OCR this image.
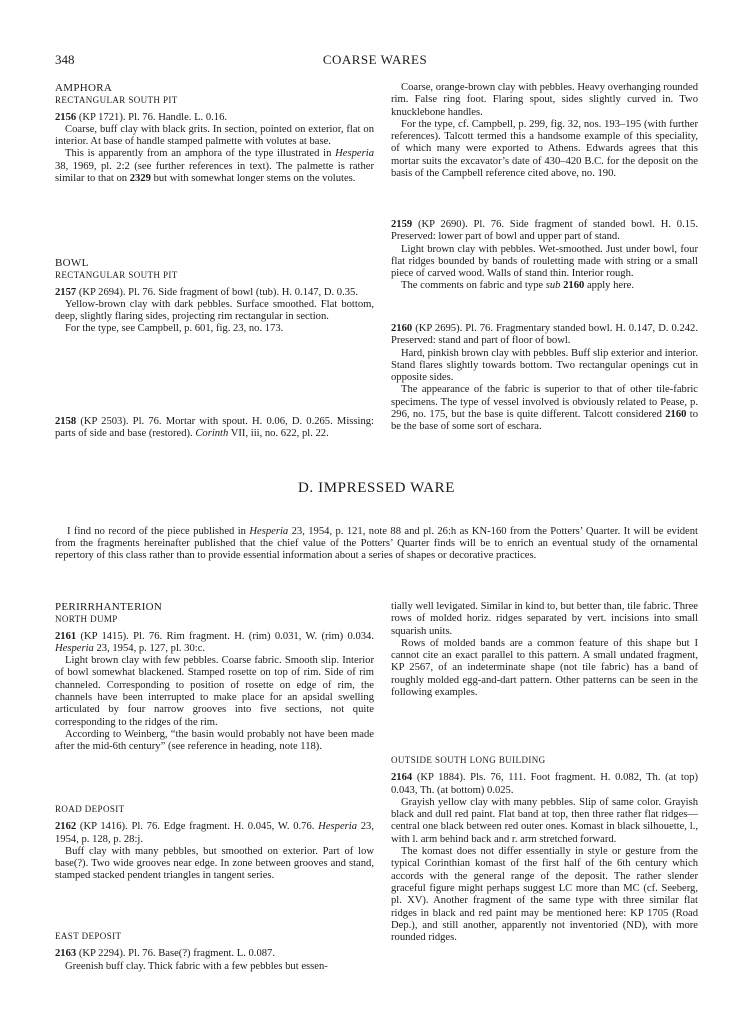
348	COARSE WARES

AMPHORA

RECTANGULAR SOUTH PIT

2156 (KP 1721). Pl. 76. Handle. L. 0.16.

Coarse, buff clay with black grits. In section, pointed on exterior, flat on interior. At base of handle stamped palmette with volutes at base.

This is apparently from an amphora of the type illustrated in Hesperia 38, 1969, pl. 2:2 (see further references in text). The palmette is rather similar to that on 2329 but with somewhat longer stems on the volutes.

BOWL

RECTANGULAR SOUTH PIT

2157 (KP 2694). Pl. 76. Side fragment of bowl (tub). H. 0.147, D. 0.35.

Yellow-brown clay with dark pebbles. Surface smoothed. Flat bottom, deep, slightly flaring sides, projecting rim rectangular in section.

For the type, see Campbell, p. 601, fig. 23, no. 173.

2158 (KP 2503). Pl. 76. Mortar with spout. H. 0.06, D. 0.265. Missing: parts of side and base (restored). Corinth VII, iii, no. 622, pl. 22.

Coarse, orange-brown clay with pebbles. Heavy overhanging rounded rim. False ring foot. Flaring spout, sides slightly curved in. Two knucklebone handles.

For the type, cf. Campbell, p. 299, fig. 32, nos. 193–195 (with further references). Talcott termed this a handsome example of this speciality, of which many were exported to Athens. Edwards agrees that this mortar suits the excavator’s date of 430–420 B.C. for the deposit on the basis of the Campbell reference cited above, no. 190.

2159 (KP 2690). Pl. 76. Side fragment of standed bowl. H. 0.15. Preserved: lower part of bowl and upper part of stand.

Light brown clay with pebbles. Wet-smoothed. Just under bowl, four flat ridges bounded by bands of rouletting made with string or a small piece of carved wood. Walls of stand thin. Interior rough.

The comments on fabric and type sub 2160 apply here.

2160 (KP 2695). Pl. 76. Fragmentary standed bowl. H. 0.147, D. 0.242. Preserved: stand and part of floor of bowl.

Hard, pinkish brown clay with pebbles. Buff slip exterior and interior. Stand flares slightly towards bottom. Two rectangular openings cut in opposite sides.

The appearance of the fabric is superior to that of other tile-fabric specimens. The type of vessel involved is obviously related to Pease, p. 296, no. 175, but the base is quite different. Talcott considered 2160 to be the base of some sort of eschara.

D. IMPRESSED WARE

I find no record of the piece published in Hesperia 23, 1954, p. 121, note 88 and pl. 26:h as KN-160 from the Potters’ Quarter. It will be evident from the fragments hereinafter published that the chief value of the Potters’ Quarter finds will be to enrich an eventual study of the ornamental repertory of this class rather than to provide essential information about a series of shapes or decorative practices.

PERIRRHANTERION

NORTH DUMP

2161 (KP 1415). Pl. 76. Rim fragment. H. (rim) 0.031, W. (rim) 0.034. Hesperia 23, 1954, p. 127, pl. 30:c.

Light brown clay with few pebbles. Coarse fabric. Smooth slip. Interior of bowl somewhat blackened. Stamped rosette on top of rim. Side of rim channeled. Corresponding to position of rosette on edge of rim, the channels have been interrupted to make place for an apsidal swelling articulated by four narrow grooves into five sections, not quite corresponding to the ridges of the rim.

According to Weinberg, “the basin would probably not have been made after the mid-6th century” (see reference in heading, note 118).

ROAD DEPOSIT

2162 (KP 1416). Pl. 76. Edge fragment. H. 0.045, W. 0.76. Hesperia 23, 1954, p. 128, p. 28:j.

Buff clay with many pebbles, but smoothed on exterior. Part of low base(?). Two wide grooves near edge. In zone between grooves and stand, stamped stacked pendent triangles in tangent series.

EAST DEPOSIT

2163 (KP 2294). Pl. 76. Base(?) fragment. L. 0.087.

Greenish buff clay. Thick fabric with a few pebbles but essen-

tially well levigated. Similar in kind to, but better than, tile fabric. Three rows of molded horiz. ridges separated by vert. incisions into small squarish units.

Rows of molded bands are a common feature of this shape but I cannot cite an exact parallel to this pattern. A small undated fragment, KP 2567, of an indeterminate shape (not tile fabric) has a band of roughly molded egg-and-dart pattern. Other patterns can be seen in the following examples.

OUTSIDE SOUTH LONG BUILDING

2164 (KP 1884). Pls. 76, 111. Foot fragment. H. 0.082, Th. (at top) 0.043, Th. (at bottom) 0.025.

Grayish yellow clay with many pebbles. Slip of same color. Grayish black and dull red paint. Flat band at top, then three rather flat ridges—central one black between red outer ones. Komast in black silhouette, l., with l. arm behind back and r. arm stretched forward.

The komast does not differ essentially in style or gesture from the typical Corinthian komast of the first half of the 6th century which accords with the general range of the deposit. The rather slender graceful figure might perhaps suggest LC more than MC (cf. Seeberg, pl. XV). Another fragment of the same type with three similar flat ridges in black and red paint may be mentioned here: KP 1705 (Road Dep.), and still another, apparently not inventoried (ND), with more rounded ridges.
